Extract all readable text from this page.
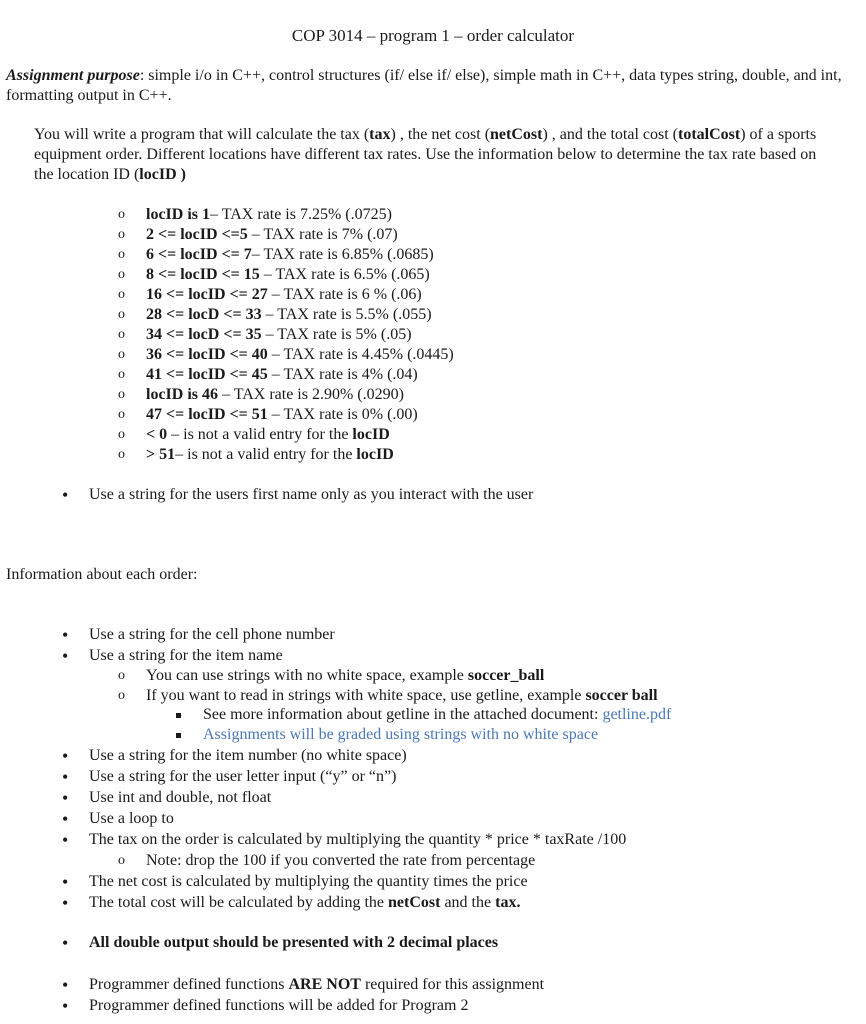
COP 3014 – program 1 – order calculator
Assignment purpose: simple i/o in C++, control structures (if/ else if/ else), simple math in C++, data types string, double, and int, formatting output in C++.
You will write a program that will calculate the tax (tax) , the net cost (netCost) , and the total cost (totalCost) of a sports equipment order. Different locations have different tax rates. Use the information below to determine the tax rate based on the location ID (locID )
o locID is 1– TAX rate is 7.25% (.0725)
o 2 <= locID <=5 – TAX rate is 7% (.07)
o 6 <= locID <= 7– TAX rate is 6.85% (.0685)
o 8 <= locID <= 15 – TAX rate is 6.5% (.065)
o 16 <= locID <= 27 – TAX rate is 6 % (.06)
o 28 <= locD <= 33 – TAX rate is 5.5% (.055)
o 34 <= locD <= 35 – TAX rate is 5% (.05)
o 36 <= locID <= 40 – TAX rate is 4.45% (.0445)
o 41 <= locID <= 45 – TAX rate is 4% (.04)
o locID is 46 – TAX rate is 2.90% (.0290)
o 47 <= locID <= 51 – TAX rate is 0% (.00)
o < 0 – is not a valid entry for the locID
o > 51– is not a valid entry for the locID
• Use a string for the users first name only as you interact with the user
Information about each order:
• Use a string for the cell phone number
• Use a string for the item name
o You can use strings with no white space, example soccer_ball
o If you want to read in strings with white space, use getline, example soccer ball
See more information about getline in the attached document: getline.pdf
Assignments will be graded using strings with no white space
• Use a string for the item number (no white space)
• Use a string for the user letter input (“y” or “n”)
• Use int and double, not float
• Use a loop to
• The tax on the order is calculated by multiplying the quantity * price * taxRate /100
o Note: drop the 100 if you converted the rate from percentage
• The net cost is calculated by multiplying the quantity times the price
• The total cost will be calculated by adding the netCost and the tax.
• All double output should be presented with 2 decimal places
• Programmer defined functions ARE NOT required for this assignment
• Programmer defined functions will be added for Program 2
